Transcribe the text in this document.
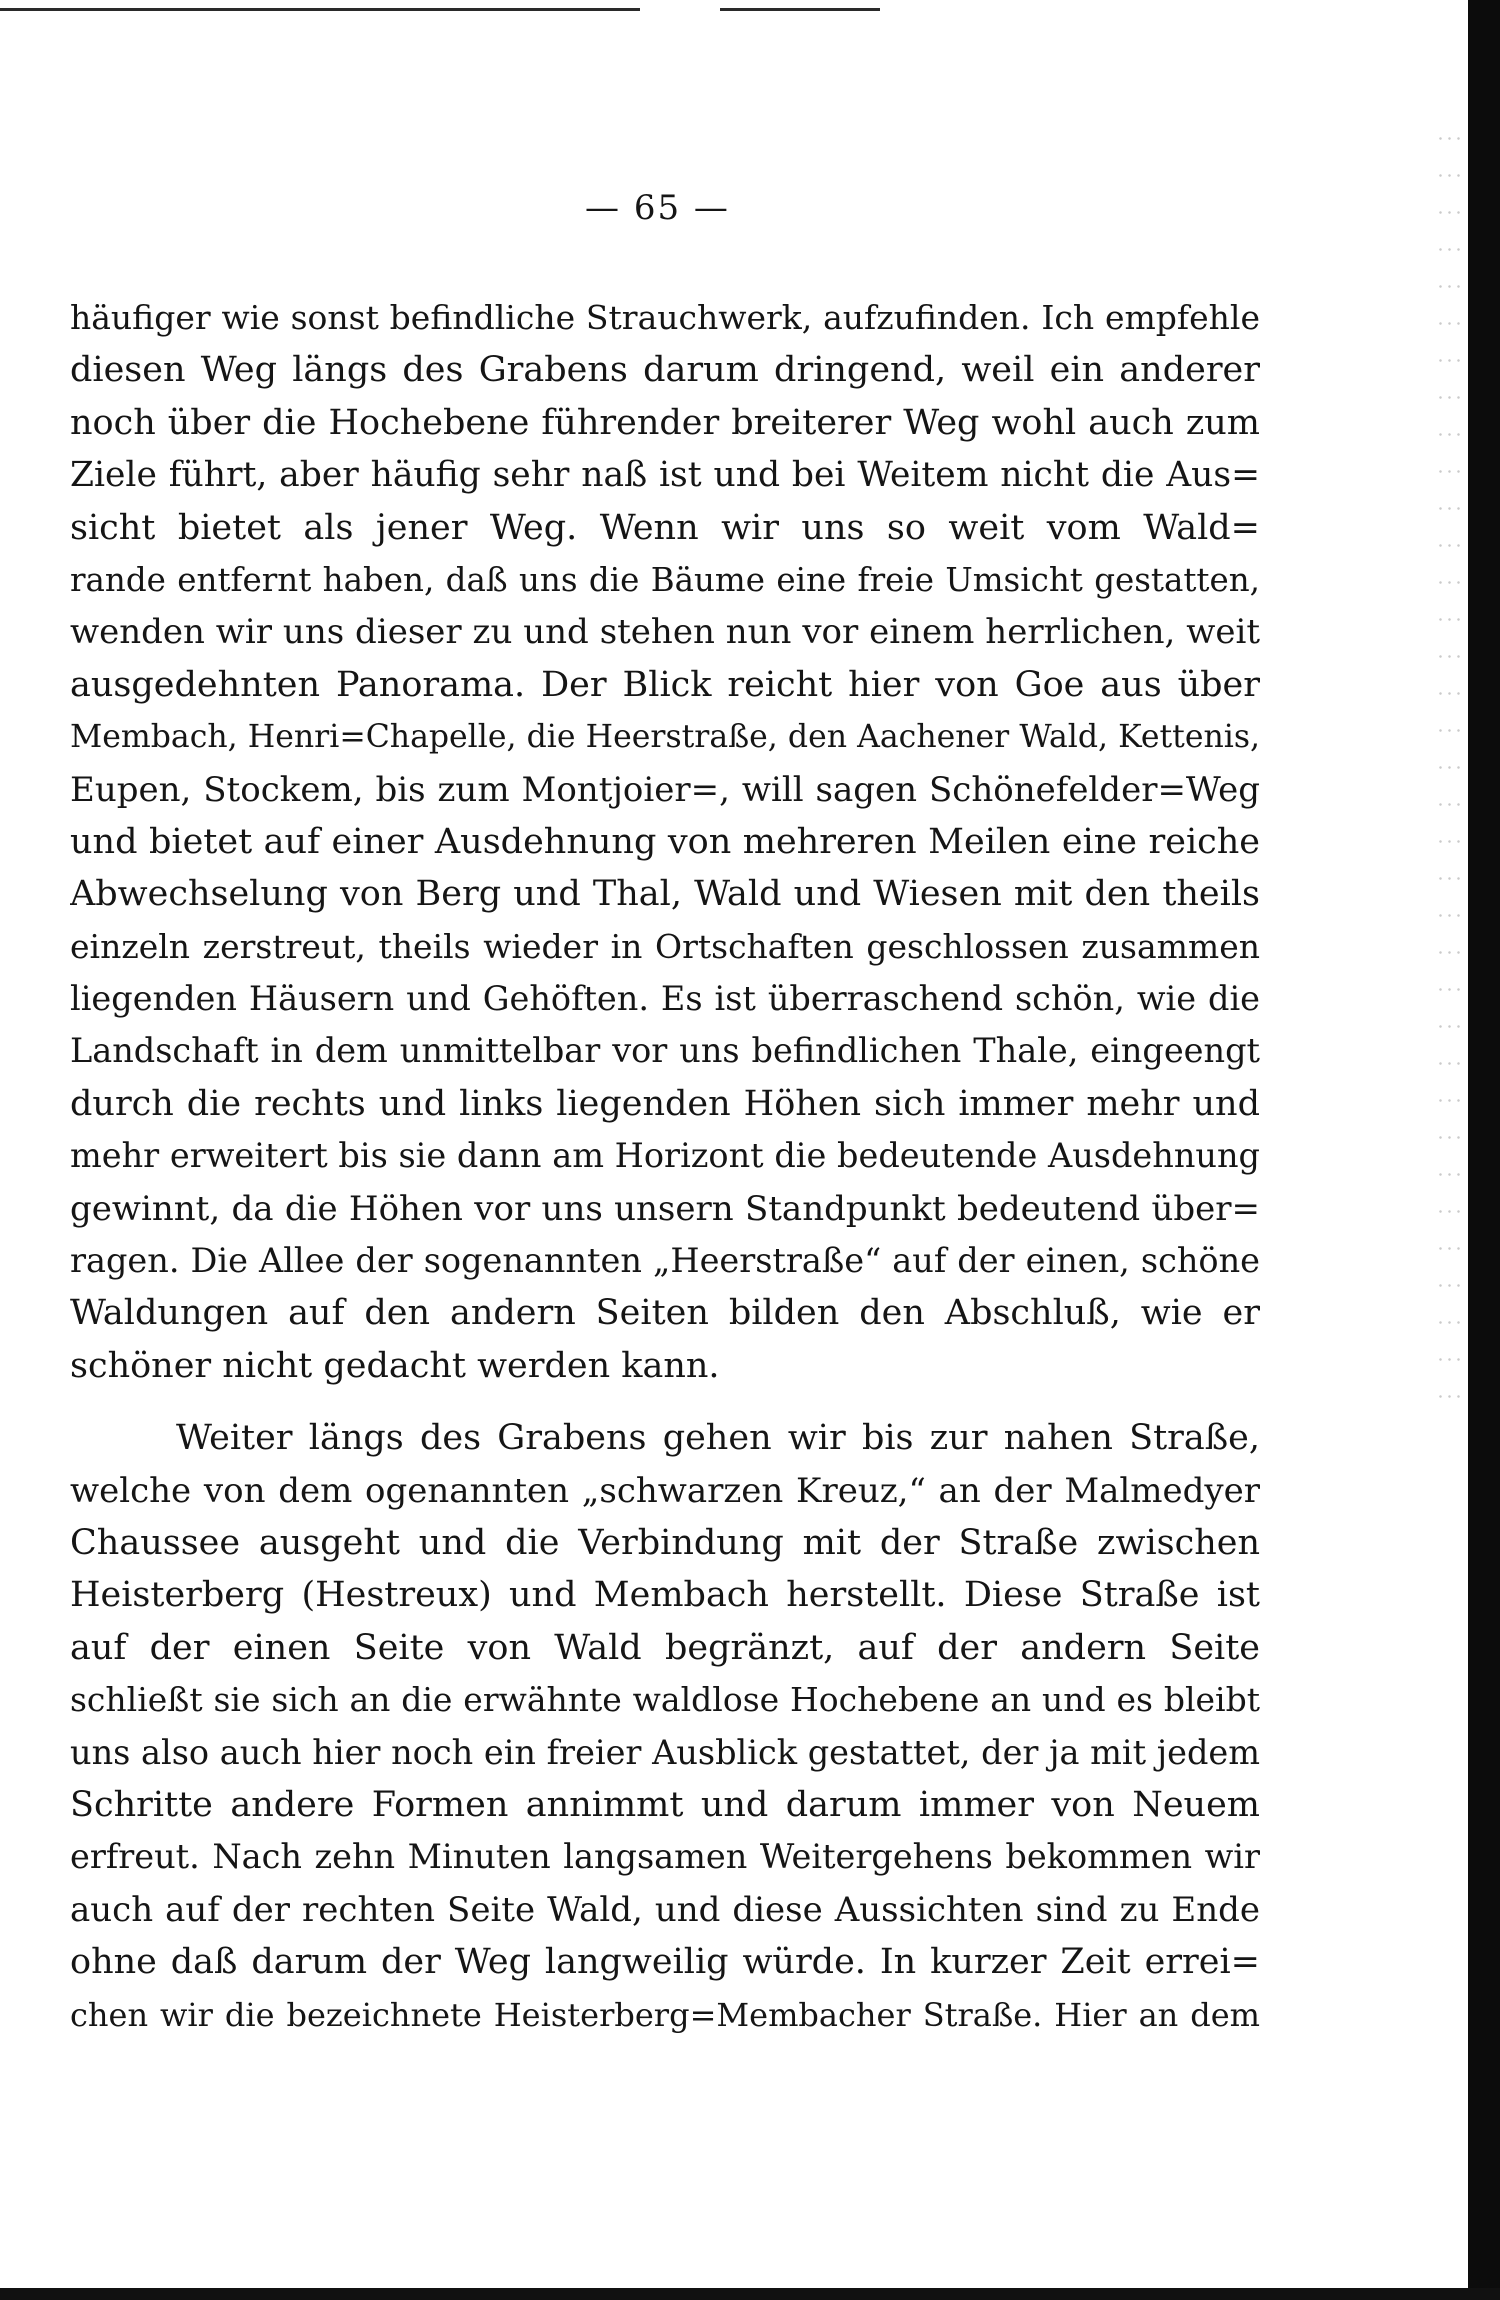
— 65 —

häufiger wie sonst befindliche Strauchwerk, aufzufinden. Ich empfehle
diesen Weg längs des Grabens darum dringend, weil ein anderer
noch über die Hochebene führender breiterer Weg wohl auch zum
Ziele führt, aber häufig sehr naß ist und bei Weitem nicht die Aus=
sicht bietet als jener Weg. Wenn wir uns so weit vom Wald=
rande entfernt haben, daß uns die Bäume eine freie Umsicht gestatten,
wenden wir uns dieser zu und stehen nun vor einem herrlichen, weit
ausgedehnten Panorama. Der Blick reicht hier von Goe aus über
Membach, Henri=Chapelle, die Heerstraße, den Aachener Wald, Kettenis,
Eupen, Stockem, bis zum Montjoier=, will sagen Schönefelder=Weg
und bietet auf einer Ausdehnung von mehreren Meilen eine reiche
Abwechselung von Berg und Thal, Wald und Wiesen mit den theils
einzeln zerstreut, theils wieder in Ortschaften geschlossen zusammen
liegenden Häusern und Gehöften. Es ist überraschend schön, wie die
Landschaft in dem unmittelbar vor uns befindlichen Thale, eingeengt
durch die rechts und links liegenden Höhen sich immer mehr und
mehr erweitert bis sie dann am Horizont die bedeutende Ausdehnung
gewinnt, da die Höhen vor uns unsern Standpunkt bedeutend über=
ragen. Die Allee der sogenannten „Heerstraße“ auf der einen, schöne
Waldungen auf den andern Seiten bilden den Abschluß, wie er
schöner nicht gedacht werden kann.
Weiter längs des Grabens gehen wir bis zur nahen Straße,
welche von dem ogenannten „schwarzen Kreuz,“ an der Malmedyer
Chaussee ausgeht und die Verbindung mit der Straße zwischen
Heisterberg (Hestreux) und Membach herstellt. Diese Straße ist
auf der einen Seite von Wald begränzt, auf der andern Seite
schließt sie sich an die erwähnte waldlose Hochebene an und es bleibt
uns also auch hier noch ein freier Ausblick gestattet, der ja mit jedem
Schritte andere Formen annimmt und darum immer von Neuem
erfreut. Nach zehn Minuten langsamen Weitergehens bekommen wir
auch auf der rechten Seite Wald, und diese Aussichten sind zu Ende
ohne daß darum der Weg langweilig würde. In kurzer Zeit errei=
chen wir die bezeichnete Heisterberg=Membacher Straße. Hier an dem
